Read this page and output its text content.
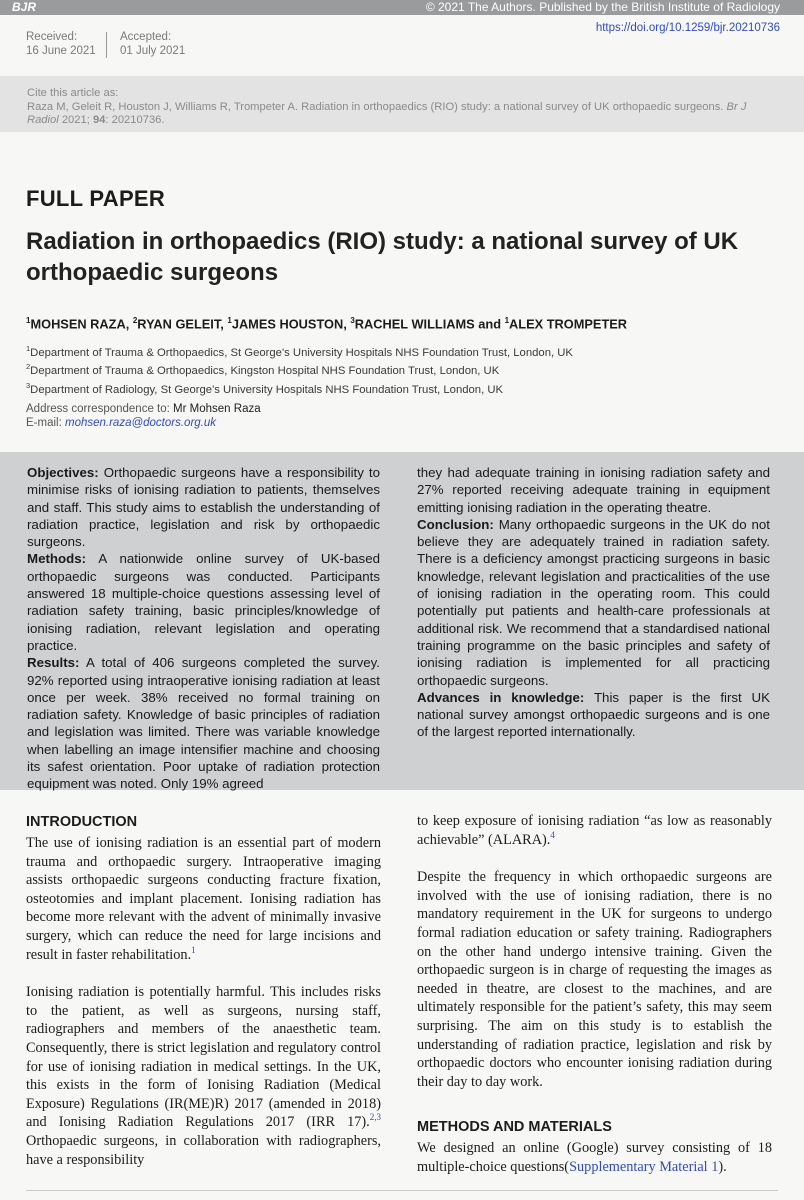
BJR	© 2021 The Authors. Published by the British Institute of Radiology
Received:
16 June 2021
Accepted:
01 July 2021
https://doi.org/10.1259/bjr.20210736
Cite this article as:
Raza M, Geleit R, Houston J, Williams R, Trompeter A. Radiation in orthopaedics (RIO) study: a national survey of UK orthopaedic surgeons. Br J Radiol 2021; 94: 20210736.
FULL PAPER
Radiation in orthopaedics (RIO) study: a national survey of UK orthopaedic surgeons
$^1$MOHSEN RAZA, $^2$RYAN GELEIT, $^1$JAMES HOUSTON, $^3$RACHEL WILLIAMS and $^1$ALEX TROMPETER
$^1$Department of Trauma & Orthopaedics, St George's University Hospitals NHS Foundation Trust, London, UK
$^2$Department of Trauma & Orthopaedics, Kingston Hospital NHS Foundation Trust, London, UK
$^3$Department of Radiology, St George's University Hospitals NHS Foundation Trust, London, UK
Address correspondence to: Mr Mohsen Raza
E-mail: mohsen.raza@doctors.org.uk

Objectives: Orthopaedic surgeons have a responsibility to minimise risks of ionising radiation to patients, themselves and staff. This study aims to establish the understanding of radiation practice, legislation and risk by orthopaedic surgeons.

Methods: A nationwide online survey of UK-based orthopaedic surgeons was conducted. Participants answered 18 multiple-choice questions assessing level of radiation safety training, basic principles/knowledge of ionising radiation, relevant legislation and operating practice.

Results: A total of 406 surgeons completed the survey. 92% reported using intraoperative ionising radiation at least once per week. 38% received no formal training on radiation safety. Knowledge of basic principles of radiation and legislation was limited. There was variable knowledge when labelling an image intensifier machine and choosing its safest orientation. Poor uptake of radiation protection equipment was noted. Only 19% agreed

they had adequate training in ionising radiation safety and 27% reported receiving adequate training in equipment emitting ionising radiation in the operating theatre.

Conclusion: Many orthopaedic surgeons in the UK do not believe they are adequately trained in radiation safety. There is a deficiency amongst practicing surgeons in basic knowledge, relevant legislation and practicalities of the use of ionising radiation in the operating room. This could potentially put patients and health-care professionals at additional risk. We recommend that a standardised national training programme on the basic principles and safety of ionising radiation is implemented for all practicing orthopaedic surgeons.

Advances in knowledge: This paper is the first UK national survey amongst orthopaedic surgeons and is one of the largest reported internationally.

INTRODUCTION

The use of ionising radiation is an essential part of modern trauma and orthopaedic surgery. Intraoperative imaging assists orthopaedic surgeons conducting fracture fixation, osteotomies and implant placement. Ionising radiation has become more relevant with the advent of minimally invasive surgery, which can reduce the need for large incisions and result in faster rehabilitation.$^1$

Ionising radiation is potentially harmful. This includes risks to the patient, as well as surgeons, nursing staff, radiographers and members of the anaesthetic team. Consequently, there is strict legislation and regulatory control for use of ionising radiation in medical settings. In the UK, this exists in the form of Ionising Radiation (Medical Exposure) Regulations (IR(ME)R) 2017 (amended in 2018) and Ionising Radiation Regulations 2017 (IRR 17).$^{2,3}$ Orthopaedic surgeons, in collaboration with radiographers, have a responsibility

to keep exposure of ionising radiation “as low as reasonably achievable” (ALARA).$^4$

Despite the frequency in which orthopaedic surgeons are involved with the use of ionising radiation, there is no mandatory requirement in the UK for surgeons to undergo formal radiation education or safety training. Radiographers on the other hand undergo intensive training. Given the orthopaedic surgeon is in charge of requesting the images as needed in theatre, are closest to the machines, and are ultimately responsible for the patient’s safety, this may seem surprising. The aim on this study is to establish the understanding of radiation practice, legislation and risk by orthopaedic doctors who encounter ionising radiation during their day to day work.

METHODS AND MATERIALS

We designed an online (Google) survey consisting of 18 multiple-choice questions(Supplementary Material 1).
